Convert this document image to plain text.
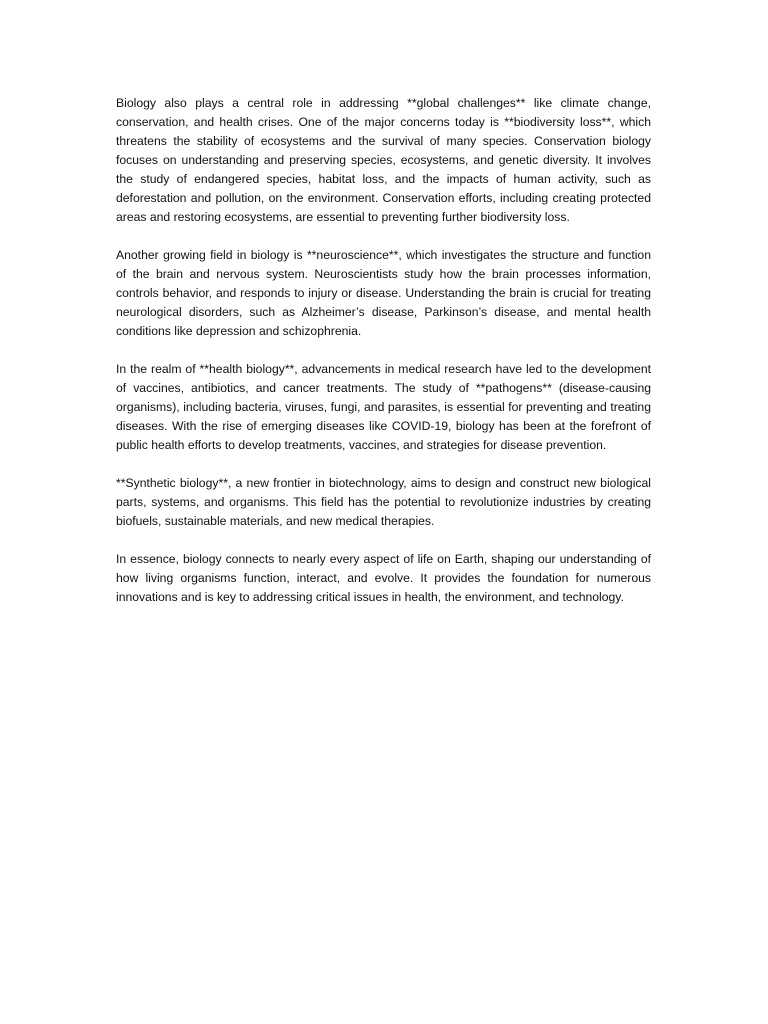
Biology also plays a central role in addressing **global challenges** like climate change, conservation, and health crises. One of the major concerns today is **biodiversity loss**, which threatens the stability of ecosystems and the survival of many species. Conservation biology focuses on understanding and preserving species, ecosystems, and genetic diversity. It involves the study of endangered species, habitat loss, and the impacts of human activity, such as deforestation and pollution, on the environment. Conservation efforts, including creating protected areas and restoring ecosystems, are essential to preventing further biodiversity loss.

Another growing field in biology is **neuroscience**, which investigates the structure and function of the brain and nervous system. Neuroscientists study how the brain processes information, controls behavior, and responds to injury or disease. Understanding the brain is crucial for treating neurological disorders, such as Alzheimer’s disease, Parkinson’s disease, and mental health conditions like depression and schizophrenia.

In the realm of **health biology**, advancements in medical research have led to the development of vaccines, antibiotics, and cancer treatments. The study of **pathogens** (disease-causing organisms), including bacteria, viruses, fungi, and parasites, is essential for preventing and treating diseases. With the rise of emerging diseases like COVID-19, biology has been at the forefront of public health efforts to develop treatments, vaccines, and strategies for disease prevention.

**Synthetic biology**, a new frontier in biotechnology, aims to design and construct new biological parts, systems, and organisms. This field has the potential to revolutionize industries by creating biofuels, sustainable materials, and new medical therapies.

In essence, biology connects to nearly every aspect of life on Earth, shaping our understanding of how living organisms function, interact, and evolve. It provides the foundation for numerous innovations and is key to addressing critical issues in health, the environment, and technology.
